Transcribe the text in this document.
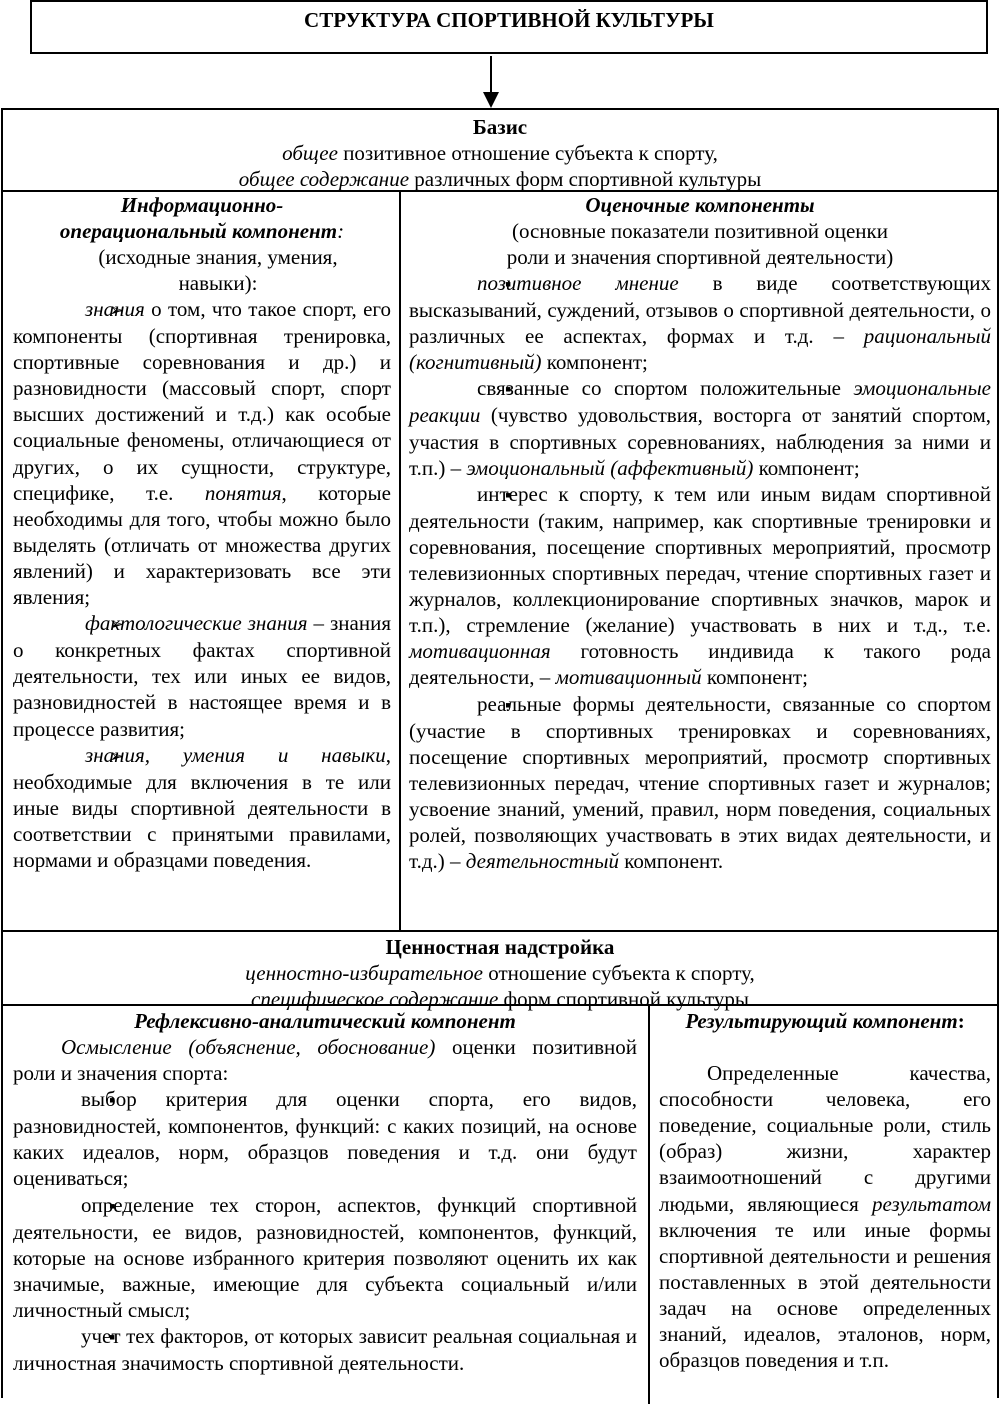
СТРУКТУРА СПОРТИВНОЙ КУЛЬТУРЫ
Базис
общее позитивное отношение субъекта к спорту,
общее содержание различных форм спортивной культуры
Информационно-
операциональный компонент:

(исходные знания, умения, навыки):

➢ знания о том, что такое спорт, его компоненты (спортивная тренировка, спортивные соревнования и др.) и разновидности (массовый спорт, спорт высших достижений и т.д.) как особые социальные феномены, отличающиеся от других, о их сущности, структуре, специфике, т.е. понятия, которые необходимы для того, чтобы можно было выделять (отличать от множества других явлений) и характеризовать все эти явления;

➢ фактологические знания – знания о конкретных фактах спортивной деятельности, тех или иных ее видов, разновидностей в настоящее время и в процессе развития;

➢ знания, умения и навыки, необходимые для включения в те или иные виды спортивной деятельности в соответствии с принятыми правилами, нормами и образцами поведения.

Оценочные компоненты

(основные показатели позитивной оценки

роли и значения спортивной деятельности)

▪ позитивное мнение в виде соответствующих высказываний, суждений, отзывов о спортивной деятельности, о различных ее аспектах, формах и т.д. – рациональный (когнитивный) компонент;

▪ связанные со спортом положительные эмоциональные реакции (чувство удовольствия, восторга от занятий спортом, участия в спортивных соревнованиях, наблюдения за ними и т.п.) – эмоциональный (аффективный) компонент;

▪ интерес к спорту, к тем или иным видам спортивной деятельности (таким, например, как спортивные тренировки и соревнования, посещение спортивных мероприятий, просмотр телевизионных спортивных передач, чтение спортивных газет и журналов, коллекционирование спортивных значков, марок и т.п.), стремление (желание) участвовать в них и т.д., т.е. мотивационная готовность индивида к такого рода деятельности, – мотивационный компонент;

▪ реальные формы деятельности, связанные со спортом (участие в спортивных тренировках и соревнованиях, посещение спортивных мероприятий, просмотр спортивных телевизионных передач, чтение спортивных газет и журналов; усвоение знаний, умений, правил, норм поведения, социальных ролей, позволяющих участвовать в этих видах деятельности, и т.д.) – деятельностный компонент.

Ценностная надстройка
ценностно-избирательное отношение субъекта к спорту,
специфическое содержание форм спортивной культуры
Рефлексивно-аналитический компонент

Осмысление (объяснение, обоснование) оценки позитивной роли и значения спорта:

▪ выбор критерия для оценки спорта, его видов, разновидностей, компонентов, функций: с каких позиций, на основе каких идеалов, норм, образцов поведения и т.д. они будут оцениваться;

▪ определение тех сторон, аспектов, функций спортивной деятельности, ее видов, разновидностей, компонентов, функций, которые на основе избранного критерия позволяют оценить их как значимые, важные, имеющие для субъекта социальный и/или личностный смысл;

▪ учет тех факторов, от которых зависит реальная социальная и личностная значимость спортивной деятельности.

Результирующий компонент:

Определенные качества, способности человека, его поведение, социальные роли, стиль (образ) жизни, характер взаимоотношений с другими людьми, являющиеся результатом включения те или иные формы спортивной деятельности и решения поставленных в этой деятельности задач на основе определенных знаний, идеалов, эталонов, норм, образцов поведения и т.п.
